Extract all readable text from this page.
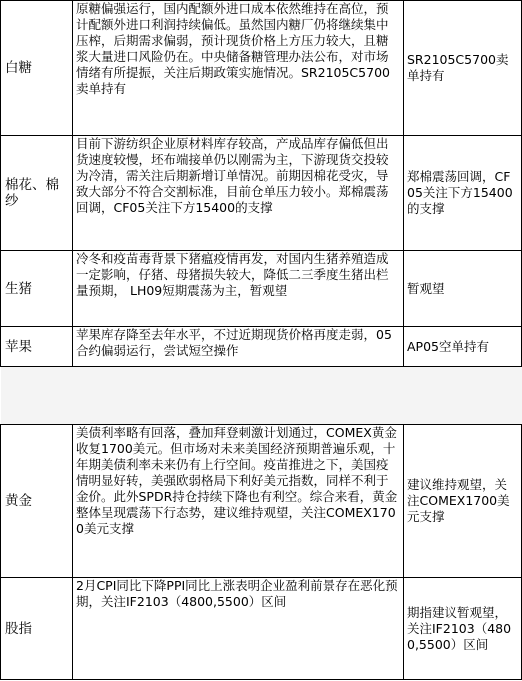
白糖	原糖偏强运行，国内配额外进口成本依然维持在高位，预计配额外进口利润持续偏低。虽然国内糖厂仍将继续集中压榨，后期需求偏弱，预计现货价格上方压力较大，且糖浆大量进口风险仍在。中央储备糖管理办法公布，对市场情绪有所提振，关注后期政策实施情况。SR2105C5700卖单持有	SR2105C5700卖单持有
棉花、棉纱	目前下游纺织企业原材料库存较高，产成品库存偏低但出货速度较慢，坯布端接单仍以刚需为主，下游现货交投较为冷清，需关注后期新增订单情况。前期因棉花受灾，导致大部分不符合交割标准，目前仓单压力较小。郑棉震荡回调，CF05关注下方15400的支撑	郑棉震荡回调，CF05关注下方15400的支撑
生猪	冷冬和疫苗毒背景下猪瘟疫情再发，对国内生猪养殖造成一定影响，仔猪、母猪损失较大，降低二三季度生猪出栏量预期， LH09短期震荡为主，暂观望	暂观望
苹果	苹果库存降至去年水平，不过近期现货价格再度走弱，05合约偏弱运行，尝试短空操作	AP05空单持有

黄金	美债利率略有回落，叠加拜登刺激计划通过，COMEX黄金收复1700美元。但市场对未来美国经济预期普遍乐观，十年期美债利率未来仍有上行空间。疫苗推进之下，美国疫情明显好转，美强欧弱格局下利好美元指数，同样不利于金价。此外SPDR持仓持续下降也有利空。综合来看，黄金整体呈现震荡下行态势，建议维持观望，关注COMEX1700美元支撑	建议维持观望，关注COMEX1700美元支撑
股指	2月CPI同比下降PPI同比上涨表明企业盈利前景存在恶化预期，关注IF2103（4800,5500）区间	期指建议暂观望，关注IF2103（4800,5500）区间
